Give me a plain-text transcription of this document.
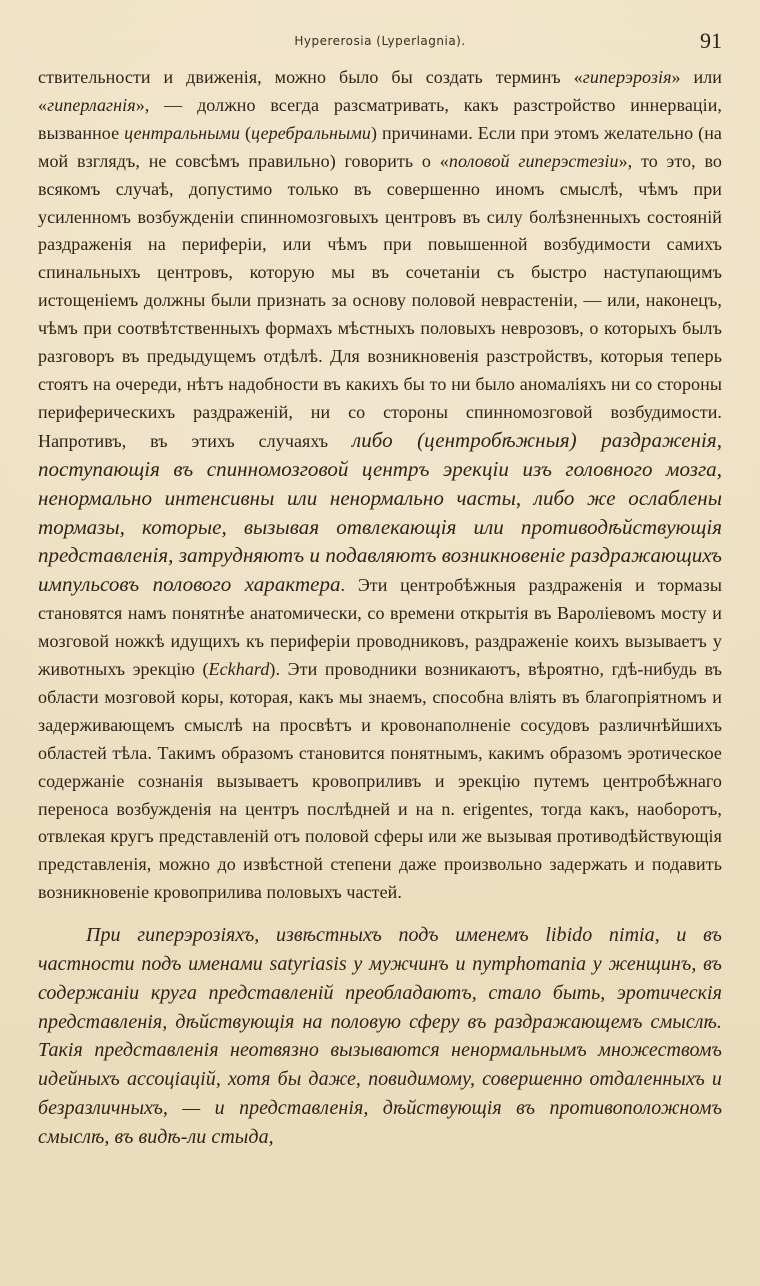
Hypererosia (Lyperlagnia).	91

ствительности и движенія, можно было бы создать терминъ «гиперэрозія» или «гиперлагнія», — должно всегда разсматривать, какъ разстройство иннерваціи, вызванное центральными (церебральными) причинами. Если при этомъ желательно (на мой взглядъ, не совсѣмъ правильно) говорить о «половой гиперэстезіи», то это, во всякомъ случаѣ, допустимо только въ совершенно иномъ смыслѣ, чѣмъ при усиленномъ возбужденіи спинномозговыхъ центровъ въ силу болѣзненныхъ состояній раздраженія на периферіи, или чѣмъ при повышенной возбудимости самихъ спинальныхъ центровъ, которую мы въ сочетаніи съ быстро наступающимъ истощеніемъ должны были признать за основу половой неврастеніи, — или, наконецъ, чѣмъ при соотвѣтственныхъ формахъ мѣстныхъ половыхъ неврозовъ, о которыхъ былъ разговоръ въ предыдущемъ отдѣлѣ. Для возникновенія разстройствъ, которыя теперь стоятъ на очереди, нѣтъ надобности въ какихъ бы то ни было аномаліяхъ ни со стороны периферическихъ раздраженій, ни со стороны спинномозговой возбудимости. Напротивъ, въ этихъ случаяхъ либо (центробѣжныя) раздраженія, поступающія въ спинномозговой центръ эрекціи изъ головного мозга, ненормально интенсивны или ненормально часты, либо же ослаблены тормазы, которые, вызывая отвлекающія или противодѣйствующія представленія, затрудняютъ и подавляютъ возникновеніе раздражающихъ импульсовъ полового характера. Эти центробѣжныя раздраженія и тормазы становятся намъ понятнѣе анатомически, со времени открытія въ Варолiевомъ мосту и мозговой ножкѣ идущихъ къ периферіи проводниковъ, раздраженіе коихъ вызываетъ у животныхъ эрекцію (Eckhard). Эти проводники возникаютъ, вѣроятно, гдѣ-нибудь въ области мозговой коры, которая, какъ мы знаемъ, способна влiять въ благопріятномъ и задерживающемъ смыслѣ на просвѣтъ и кровонаполненіе сосудовъ различнѣйшихъ областей тѣла. Такимъ образомъ становится понятнымъ, какимъ образомъ эротическое содержаніе сознанія вызываетъ кровоприливъ и эрекцію путемъ центробѣжнаго переноса возбужденія на центръ послѣдней и на n. erigentes, тогда какъ, наоборотъ, отвлекая кругъ представленій отъ половой сферы или же вызывая противодѣйствующія представленія, можно до извѣстной степени даже произвольно задержать и подавить возникновеніе кровоприлива половыхъ частей.

При гиперэрозiяхъ, извѣстныхъ подъ именемъ libido nimia, и въ частности подъ именами satyriasis у мужчинъ и nymphomania у женщинъ, въ содержаніи круга представленій преобладаютъ, стало быть, эротическія представленія, дѣйствующія на половую сферу въ раздражающемъ смыслѣ. Такія представленія неотвязно вызываются ненормальнымъ множествомъ идейныхъ ассоціацій, хотя бы даже, повидимому, совершенно отдаленныхъ и безразличныхъ, — и представленія, дѣйствующія въ противоположномъ смыслѣ, въ видѣ-ли стыда,
